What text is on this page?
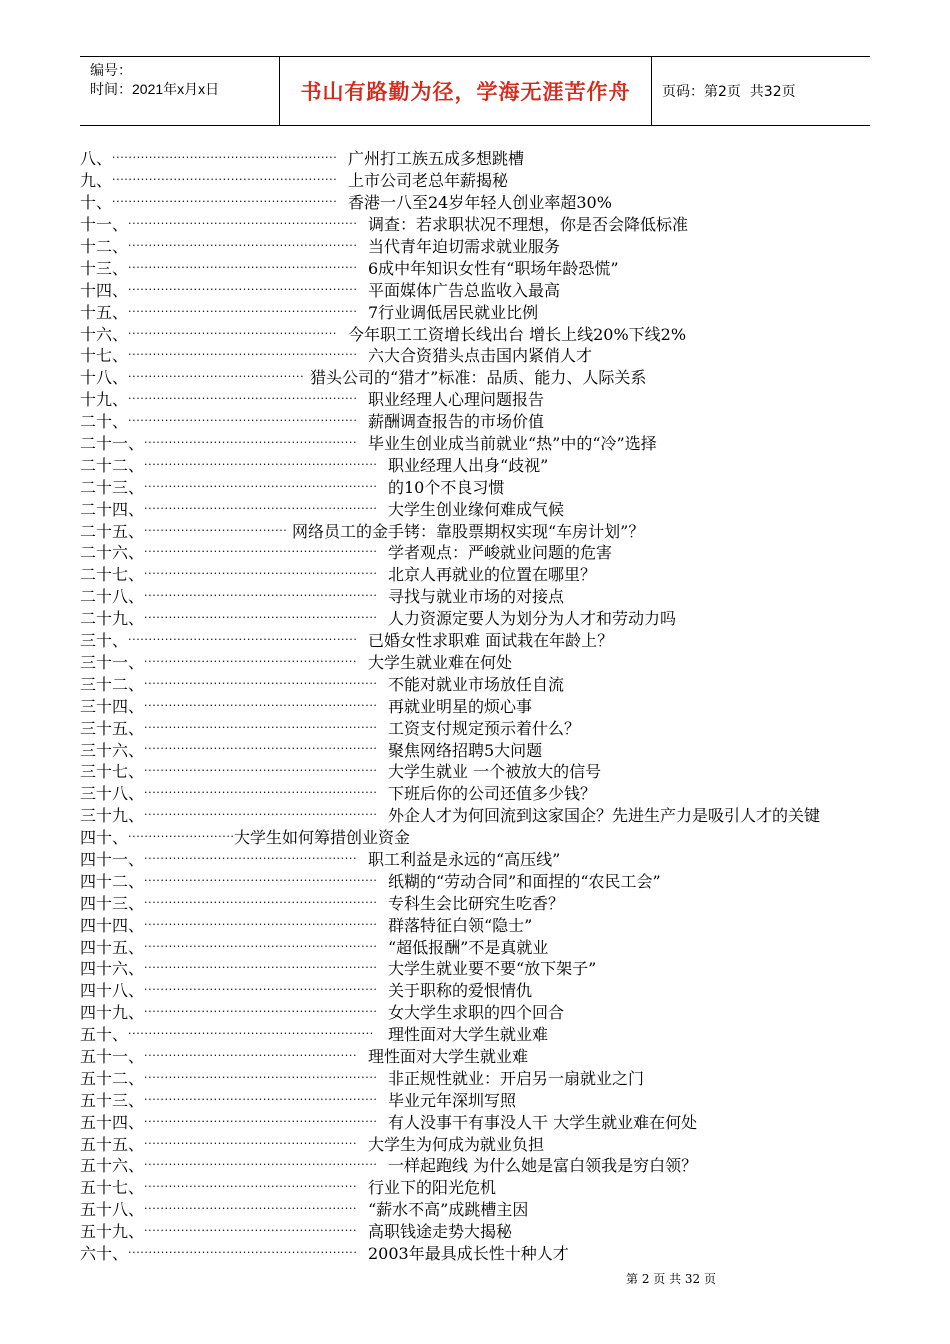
编号：
时间：2021年x月x日	书山有路勤为径，学海无涯苦作舟 页码：第2页  共32页
八、 ······················································· 广州打工族五成多想跳槽
九、 ······················································· 上市公司老总年薪揭秘
十、 ······················································· 香港一八至24岁年轻人创业率超30%
十一、 ························································ 调查：若求职状况不理想，你是否会降低标准
十二、 ························································ 当代青年迫切需求就业服务
十三、 ························································ 6成中年知识女性有“职场年龄恐慌”
十四、 ························································ 平面媒体广告总监收入最高
十五、 ························································ 7行业调低居民就业比例
十六、 ··················································· 今年职工工资增长线出台 增长上线20%下线2%
十七、 ························································ 六大合资猎头点击国内紧俏人才
十八、 ··········································· 猎头公司的“猎才”标准：品质、能力、人际关系
十九、 ························································ 职业经理人心理问题报告
二十、 ························································ 薪酬调查报告的市场价值
二十一、 ···················································· 毕业生创业成当前就业“热”中的“冷”选择
二十二、 ························································· 职业经理人出身“歧视”
二十三、 ························································· 的10个不良习惯
二十四、 ························································· 大学生创业缘何难成气候
二十五、 ··································· 网络员工的金手铐：靠股票期权实现“车房计划”？
二十六、 ························································· 学者观点：严峻就业问题的危害
二十七、 ························································· 北京人再就业的位置在哪里？
二十八、 ························································· 寻找与就业市场的对接点
二十九、 ························································· 人力资源定要人为划分为人才和劳动力吗
三十、 ························································ 已婚女性求职难 面试栽在年龄上？
三十一、 ···················································· 大学生就业难在何处
三十二、 ························································· 不能对就业市场放任自流
三十四、 ························································· 再就业明星的烦心事
三十五、 ························································· 工资支付规定预示着什么？
三十六、 ························································· 聚焦网络招聘5大问题
三十七、 ························································· 大学生就业 一个被放大的信号
三十八、 ························································· 下班后你的公司还值多少钱？
三十九、 ························································· 外企人才为何回流到这家国企？先进生产力是吸引人才的关键
四十、 ·························· 大学生如何筹措创业资金
四十一、 ···················································· 职工利益是永远的“高压线”
四十二、 ························································· 纸糊的“劳动合同”和面捏的“农民工会”
四十三、 ························································· 专科生会比研究生吃香？
四十四、 ························································· 群落特征白领“隐士”
四十五、 ························································· “超低报酬”不是真就业
四十六、 ························································· 大学生就业要不要“放下架子”
四十八、 ························································· 关于职称的爱恨情仇
四十九、 ························································· 女大学生求职的四个回合
五十、 ···························································· 理性面对大学生就业难
五十一、 ···················································· 理性面对大学生就业难
五十二、 ························································· 非正规性就业：开启另一扇就业之门
五十三、 ························································· 毕业元年深圳写照
五十四、 ························································· 有人没事干有事没人干 大学生就业难在何处
五十五、 ···················································· 大学生为何成为就业负担
五十六、 ························································· 一样起跑线 为什么她是富白领我是穷白领？
五十七、 ···················································· 行业下的阳光危机
五十八、 ···················································· “薪水不高”成跳槽主因
五十九、 ···················································· 高职钱途走势大揭秘
六十、 ························································ 2003年最具成长性十种人才
第 2 页 共 32 页
